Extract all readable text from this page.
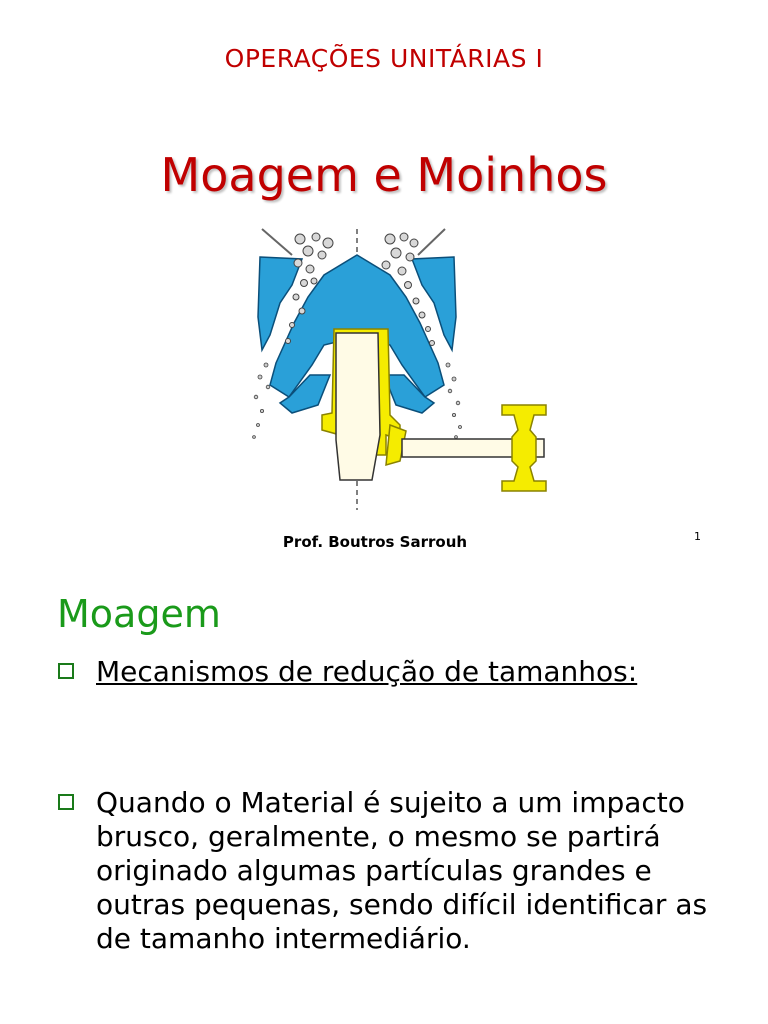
OPERAÇÕES UNITÁRIAS I
Moagem e Moinhos
Prof. Boutros Sarrouh	1
Moagem
Mecanismos de redução de tamanhos:
Quando o Material é sujeito a um impacto brusco, geralmente, o mesmo se partirá originado algumas partículas grandes e outras pequenas, sendo difícil identificar as de tamanho intermediário.
